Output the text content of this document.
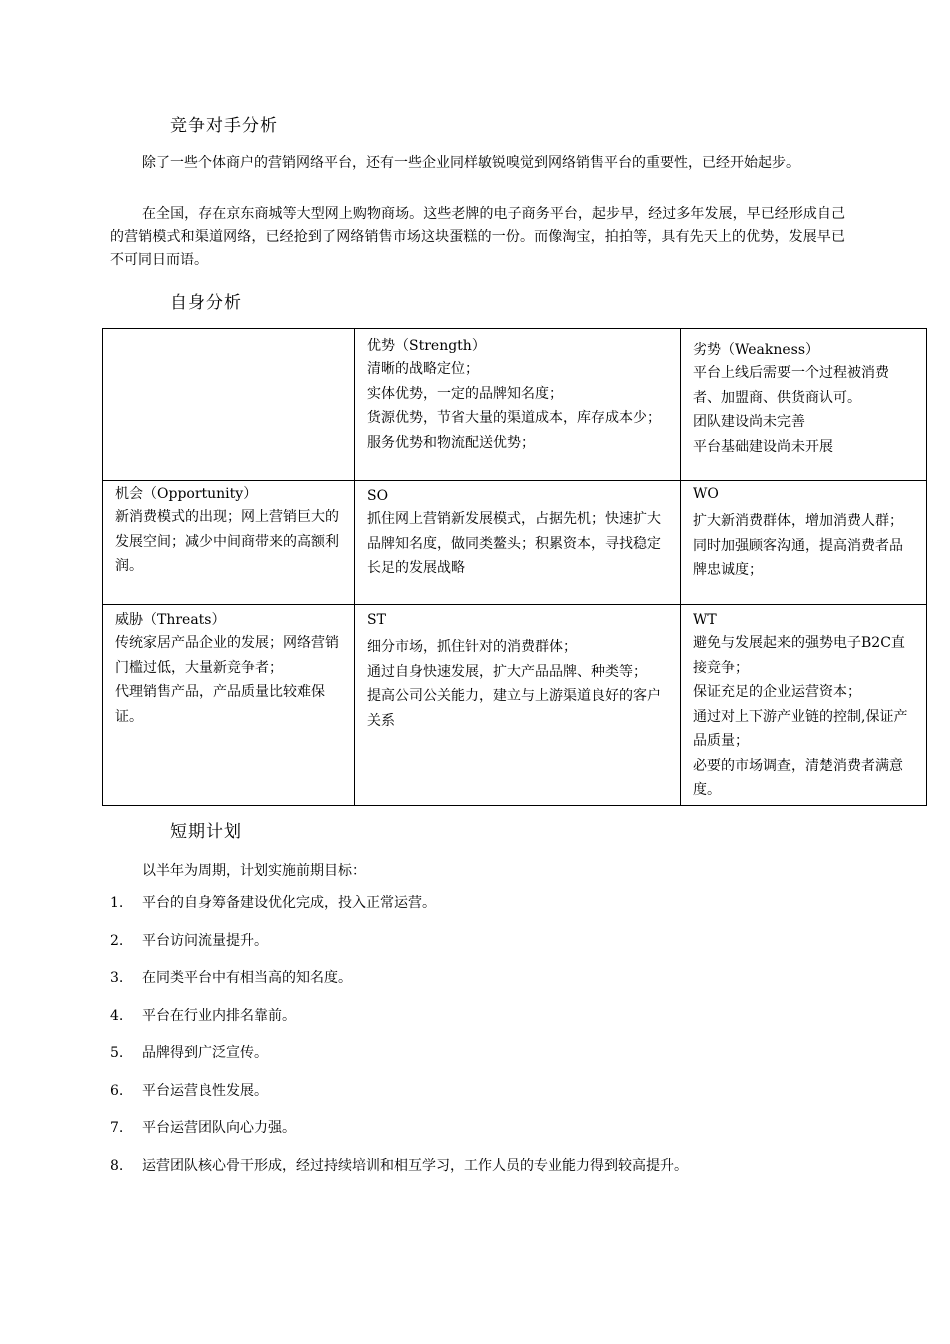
竞争对手分析
除了一些个体商户的营销网络平台，还有一些企业同样敏锐嗅觉到网络销售平台的重要性，已经开始起步。
在全国，存在京东商城等大型网上购物商场。这些老牌的电子商务平台，起步早，经过多年发展，早已经形成自己的营销模式和渠道网络，已经抢到了网络销售市场这块蛋糕的一份。而像淘宝，拍拍等，具有先天上的优势，发展早已不可同日而语。
自身分析

	优势（Strength）
清晰的战略定位；
实体优势，一定的品牌知名度；
货源优势，节省大量的渠道成本，库存成本少；
服务优势和物流配送优势；	劣势（Weakness）
平台上线后需要一个过程被消费者、加盟商、供货商认可。
团队建设尚未完善
平台基础建设尚未开展

机会（Opportunity）
新消费模式的出现；网上营销巨大的发展空间；减少中间商带来的高额利润。	SO
抓住网上营销新发展模式，占据先机；快速扩大品牌知名度，做同类鳌头；积累资本，寻找稳定长足的发展战略	WO
扩大新消费群体，增加消费人群；
同时加强顾客沟通，提高消费者品牌忠诚度；

威胁（Threats）
传统家居产品企业的发展；网络营销门槛过低，大量新竞争者；
代理销售产品，产品质量比较难保证。	ST
细分市场，抓住针对的消费群体；
通过自身快速发展，扩大产品品牌、种类等；
提高公司公关能力，建立与上游渠道良好的客户关系	WT
避免与发展起来的强势电子B2C直接竞争；
保证充足的企业运营资本；
通过对上下游产业链的控制,保证产品质量；
必要的市场调查，清楚消费者满意度。
短期计划
以半年为周期，计划实施前期目标：
1.	平台的自身筹备建设优化完成，投入正常运营。
2.	平台访问流量提升。
3.	在同类平台中有相当高的知名度。
4.	平台在行业内排名靠前。
5.	品牌得到广泛宣传。
6.	平台运营良性发展。
7.	平台运营团队向心力强。
8.	运营团队核心骨干形成，经过持续培训和相互学习，工作人员的专业能力得到较高提升。
